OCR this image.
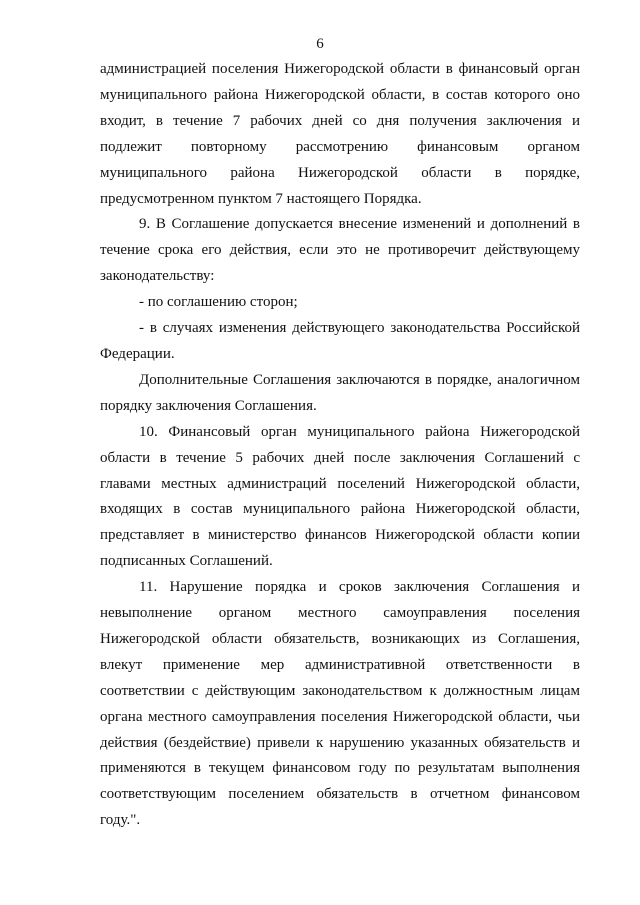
6

администрацией поселения Нижегородской области в финансовый орган муниципального района Нижегородской области, в состав которого оно входит, в течение 7 рабочих дней со дня получения заключения и подлежит повторному рассмотрению финансовым органом муниципального района Нижегородской области в порядке, предусмотренном пунктом 7 настоящего Порядка.

9. В Соглашение допускается внесение изменений и дополнений в течение срока его действия, если это не противоречит действующему законодательству:

- по соглашению сторон;

- в случаях изменения действующего законодательства Российской Федерации.

Дополнительные Соглашения заключаются в порядке, аналогичном порядку заключения Соглашения.

10. Финансовый орган муниципального района Нижегородской области в течение 5 рабочих дней после заключения Соглашений с главами местных администраций поселений Нижегородской области, входящих в состав муниципального района Нижегородской области, представляет в министерство финансов Нижегородской области копии подписанных Соглашений.

11. Нарушение порядка и сроков заключения Соглашения и невыполнение органом местного самоуправления поселения Нижегородской области обязательств, возникающих из Соглашения, влекут применение мер административной ответственности в соответствии с действующим законодательством к должностным лицам органа местного самоуправления поселения Нижегородской области, чьи действия (бездействие) привели к нарушению указанных обязательств и применяются в текущем финансовом году по результатам выполнения соответствующим поселением обязательств в отчетном финансовом году.".
